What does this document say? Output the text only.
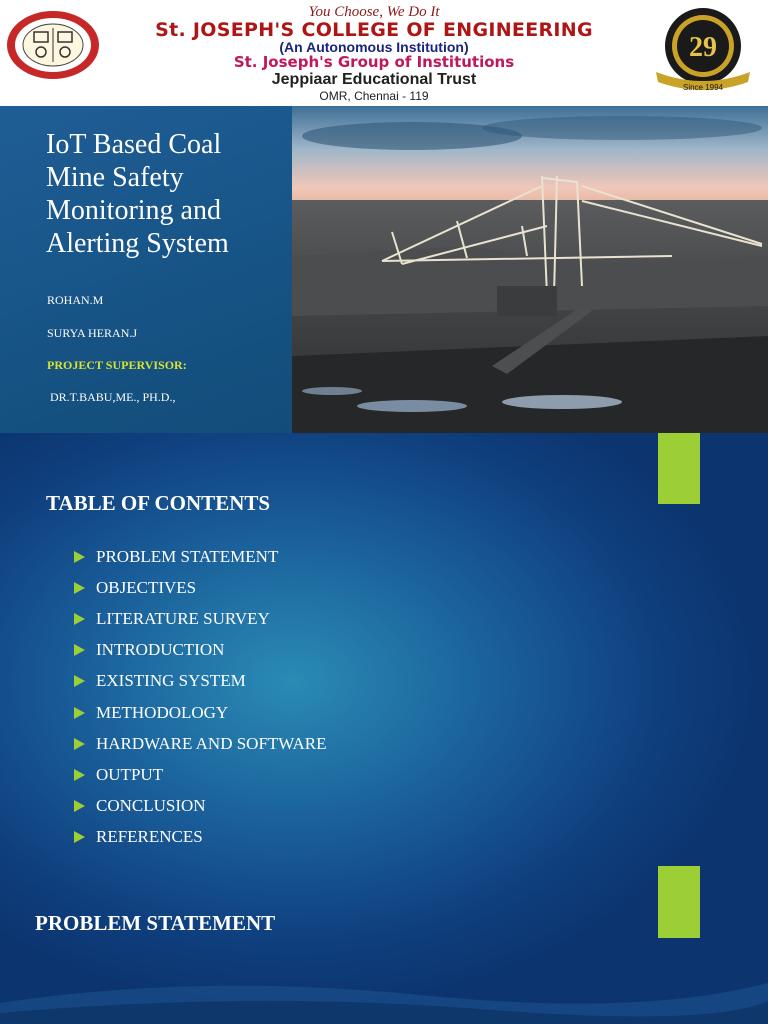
You Choose, We Do It
St. JOSEPH'S COLLEGE OF ENGINEERING
(An Autonomous Institution)
St. Joseph's Group of Institutions
Jeppiaar Educational Trust
OMR, Chennai - 119
29
Since 1994
IoT Based Coal Mine Safety Monitoring and Alerting System
ROHAN.M
SURYA HERAN.J
PROJECT SUPERVISOR:
DR.T.BABU,ME., PH.D.,
TABLE OF CONTENTS
PROBLEM STATEMENT
OBJECTIVES
LITERATURE SURVEY
INTRODUCTION
EXISTING SYSTEM
METHODOLOGY
HARDWARE AND SOFTWARE
OUTPUT
CONCLUSION
REFERENCES
PROBLEM STATEMENT
